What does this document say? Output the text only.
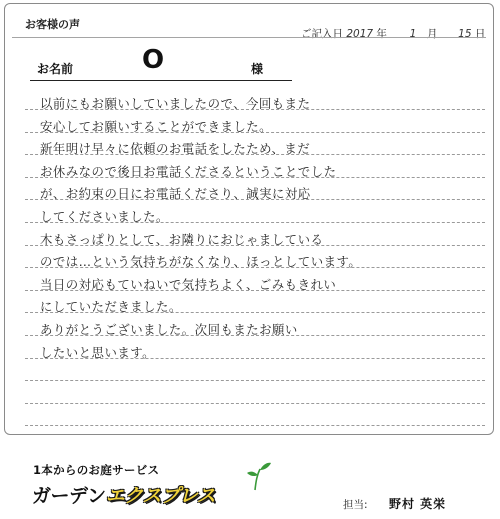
お客様の声
ご記入日 2017 年 1 月 15 日
お名前	O	様
以前にもお願いしていましたので、今回もまた
安心してお願いすることができました。
新年明け早々に依頼のお電話をしたため、まだ
お休みなので後日お電話くださるということでした
が、お約束の日にお電話くださり、誠実に対応
してくださいました。
木もさっぱりとして、お隣りにおじゃましている
のでは…という気持ちがなくなり、ほっとしています。
当日の対応もていねいで気持ちよく、ごみもきれい
にしていただきました。
ありがとうございました。次回もまたお願い
したいと思います。
1本からのお庭サービス
ガーデンエクスプレス	担当: 野村 英栄
